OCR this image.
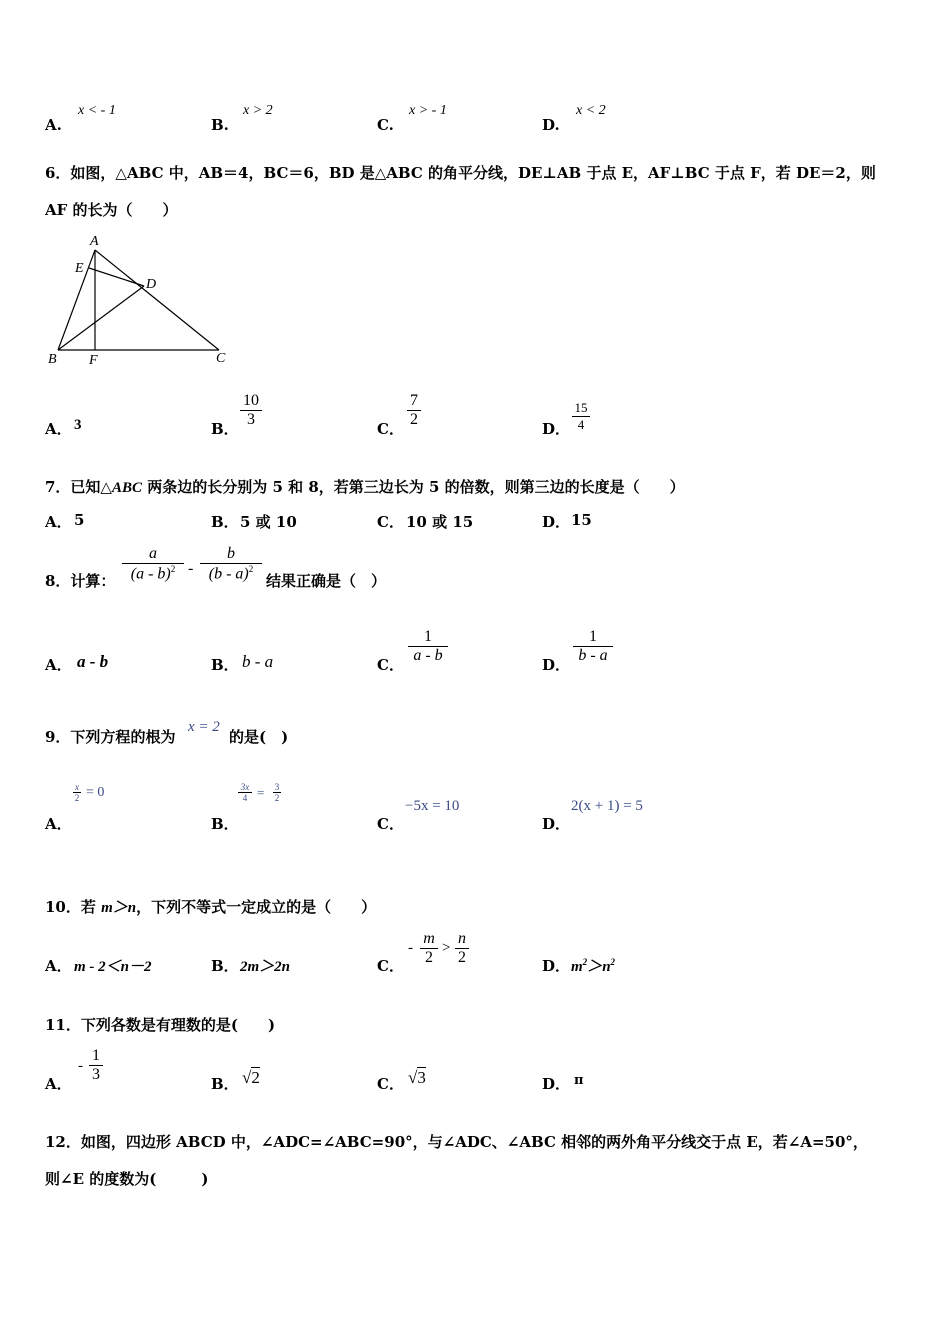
A.
x < - 1
B.
x > 2
C.
x > - 1
D.
x < 2
6．如图，△ABC 中，AB＝4，BC＝6，BD 是△ABC 的角平分线，DE⊥AB 于点 E，AF⊥BC 于点 F，若 DE＝2，则
AF 的长为（　　）
A
E
D
B F	C
A． 3	B． $\frac{10}{3}$	C． $\frac{7}{2}$	D． $\frac{15}{4}$
7．已知△ABC 两条边的长分别为 5 和 8，若第三边长为 5 的倍数，则第三边的长度是（　　）
A． 5	B． 5 或 10	C． 10 或 15	D． 15
8．计算： $\frac{a}{(a - b)^2} - \frac{b}{(b - a)^2}$ 结果正确是（　）
A． a - b	B． b - a	C． $\frac{1}{a - b}$	D． $\frac{1}{b - a}$
9．下列方程的根为
x = 2
的是(　)
A．
$\frac{x}{2} = 0$
B．
$\frac{3x}{4} = \frac{3}{2}$
C．
−5x = 10
D．
2(x + 1) = 5
10．若 m＞n，下列不等式一定成立的是（　　）
A． m - 2＜n－2	B． 2m＞2n	C．
- $\frac{m}{2} > \frac{n}{2}$	D． $m^2>n^2$
11．下列各数是有理数的是(　　)
A．
- $\frac{1}{3}$	B． √2	C． √3	D． π
12．如图，四边形 ABCD 中，∠ADC=∠ABC=90°，与∠ADC、∠ABC 相邻的两外角平分线交于点 E，若∠A=50°，
则∠E 的度数为(　　　)
